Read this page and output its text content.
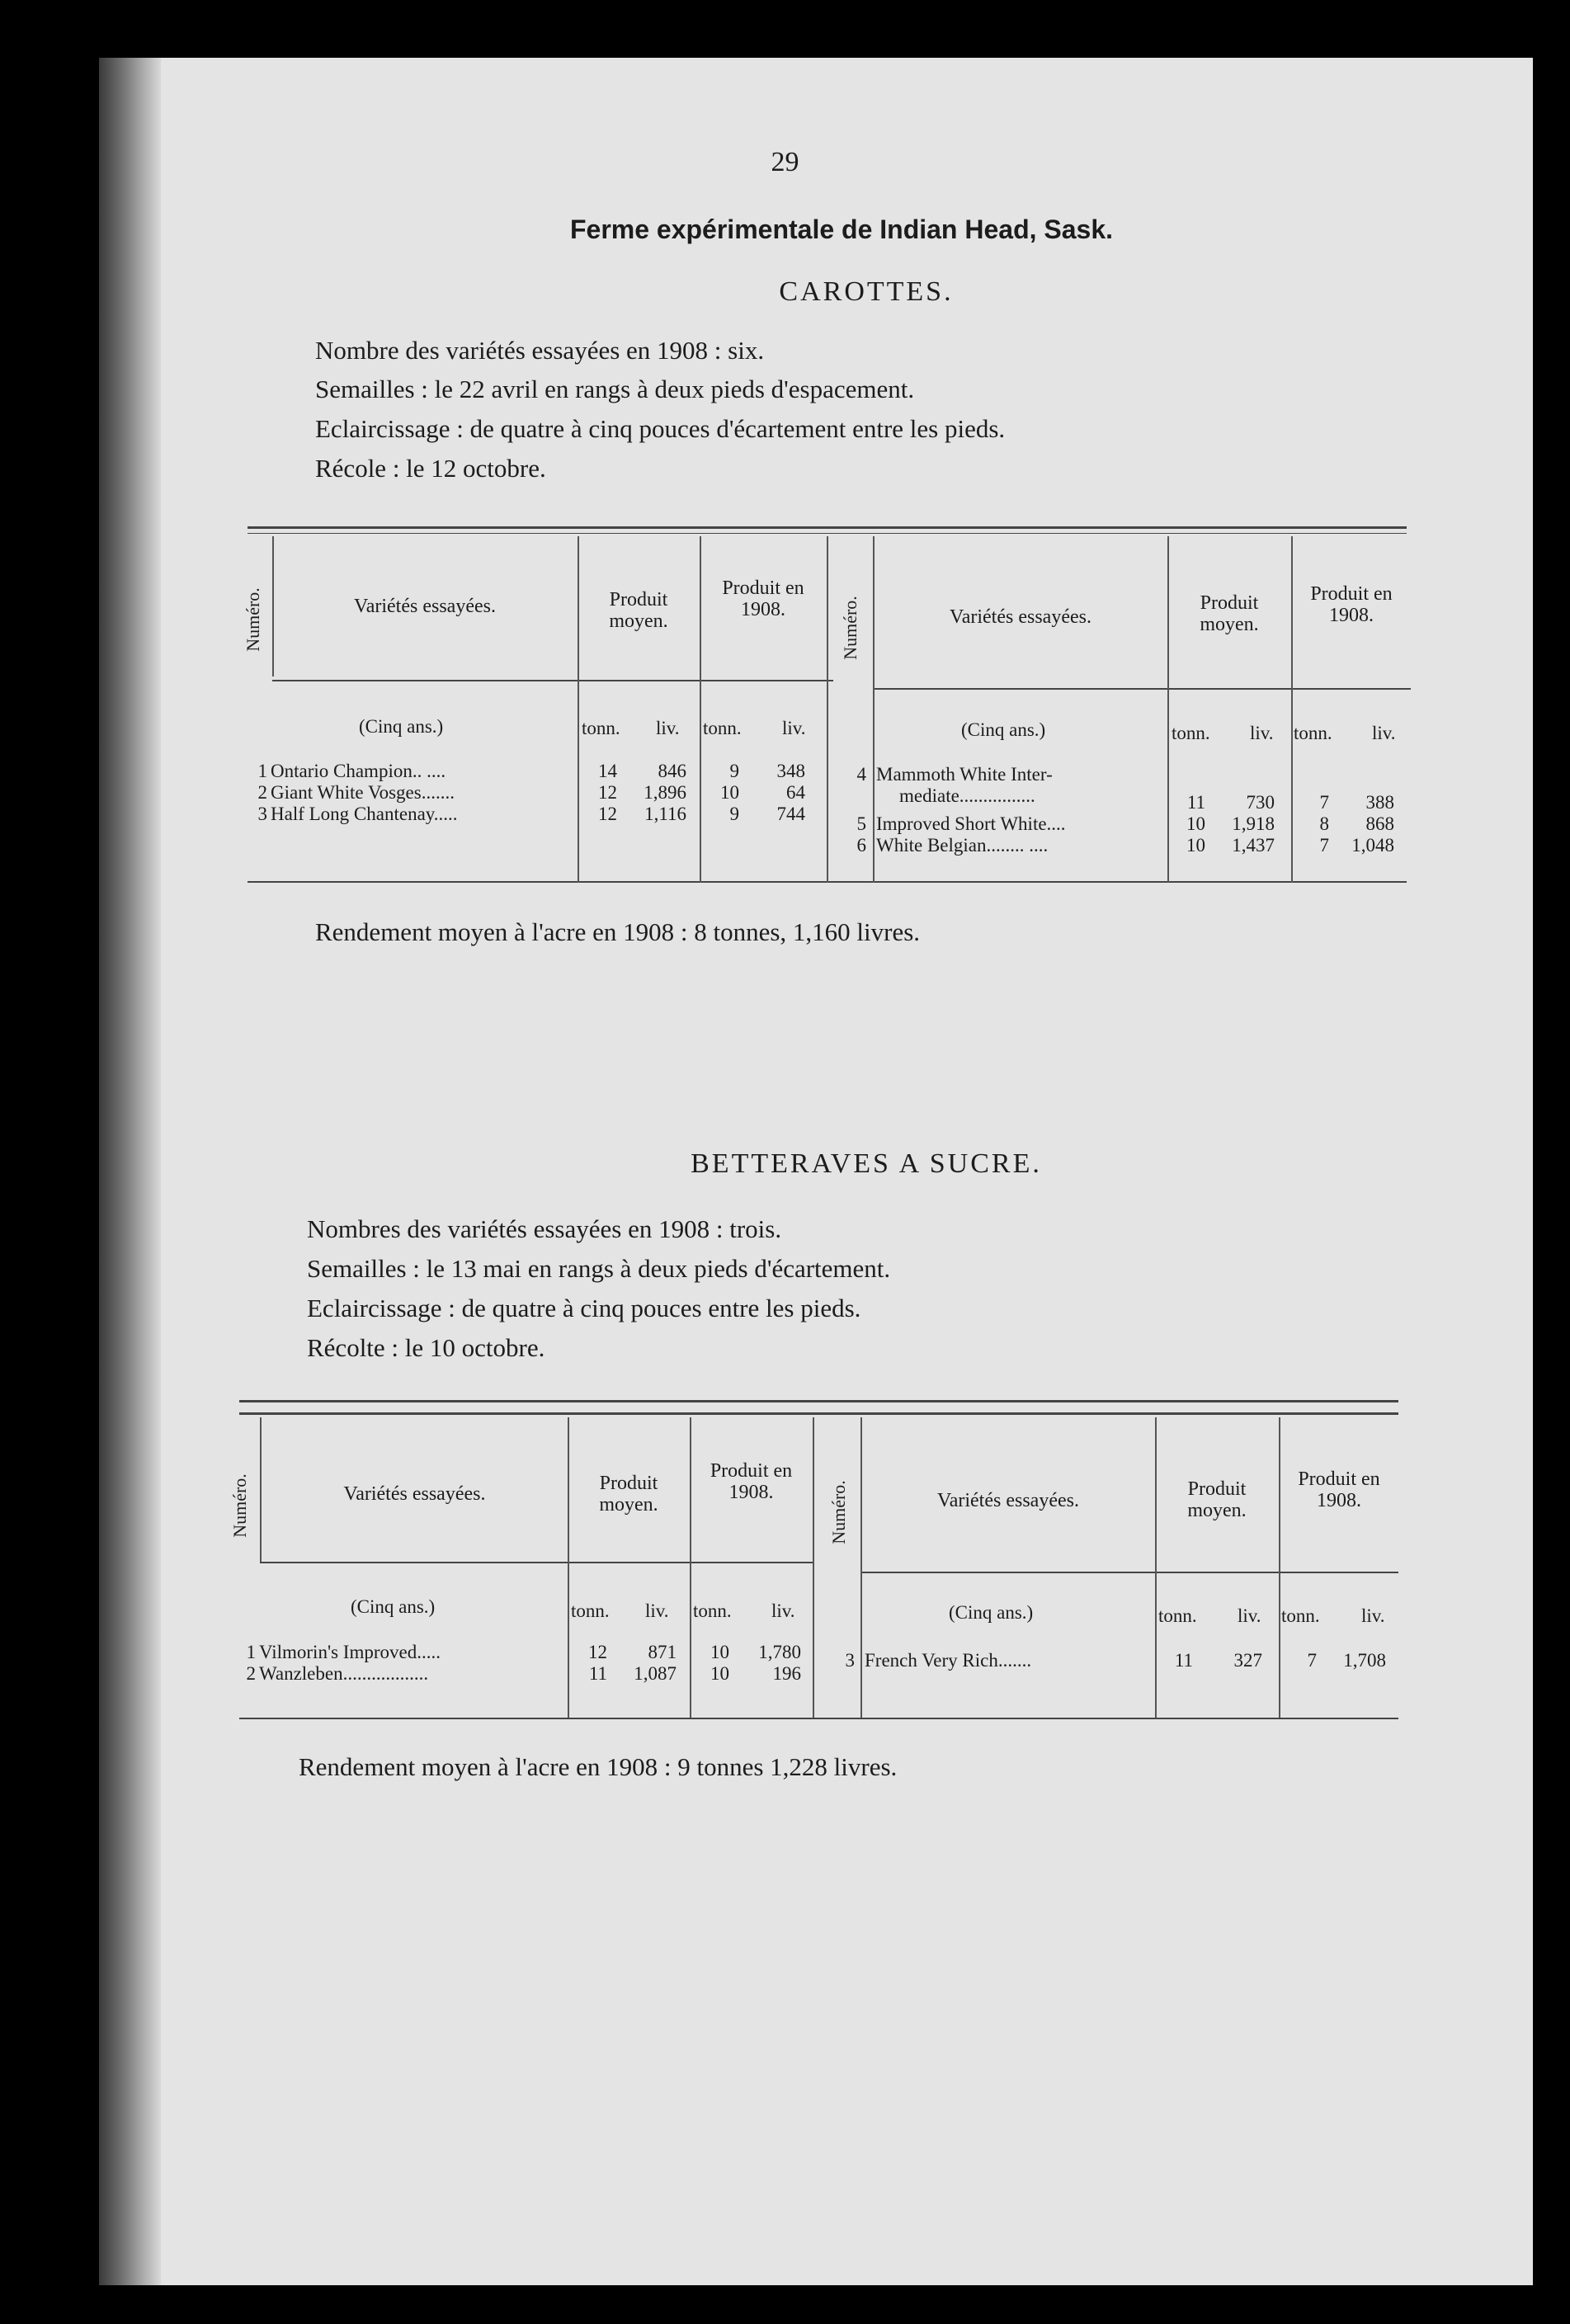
29
Ferme expérimentale de Indian Head, Sask.
CAROTTES.
Nombre des variétés essayées en 1908 : six.
Semailles : le 22 avril en rangs à deux pieds d'espacement.
Eclaircissage : de quatre à cinq pouces d'écartement entre les pieds.
Récole : le 12 octobre.
Numéro.	Variétés essayées.	Produit moyen.
Produit en 1908.	Numéro.	Variétés essayées.
Produit moyen.
Produit en 1908.
(Cinq ans.)	tonn. liv. tonn. liv.	(Cinq ans.)	tonn. liv. tonn. liv.
1 Ontario Champion.. ....	14	846	9	348
2 Giant White Vosges.......	12	1,896	10	64
3 Half Long Chantenay.....	12	1,116	9	744
4 Mammoth White Inter-
mediate................	11	730	7	388
5 Improved Short White....	10	1,918	8	868
6 White Belgian........ ....	10	1,437	7	1,048
Rendement moyen à l'acre en 1908 : 8 tonnes, 1,160 livres.
BETTERAVES A SUCRE.
Nombres des variétés essayées en 1908 : trois.
Semailles : le 13 mai en rangs à deux pieds d'écartement.
Eclaircissage : de quatre à cinq pouces entre les pieds.
Récolte : le 10 octobre.
Numéro.	Variétés essayées.	Produit moyen.
Produit en 1908.	Numéro.	Variétés essayées.
Produit moyen.
Produit en 1908.
(Cinq ans.)	tonn. liv. tonn. liv.	(Cinq ans.)	tonn. liv. tonn. liv.
1 Vilmorin's Improved.....	12	871	10	1,780
2 Wanzleben..................	11	1,087	10	196
3 French Very Rich.......	11	327	7	1,708
Rendement moyen à l'acre en 1908 : 9 tonnes 1,228 livres.
